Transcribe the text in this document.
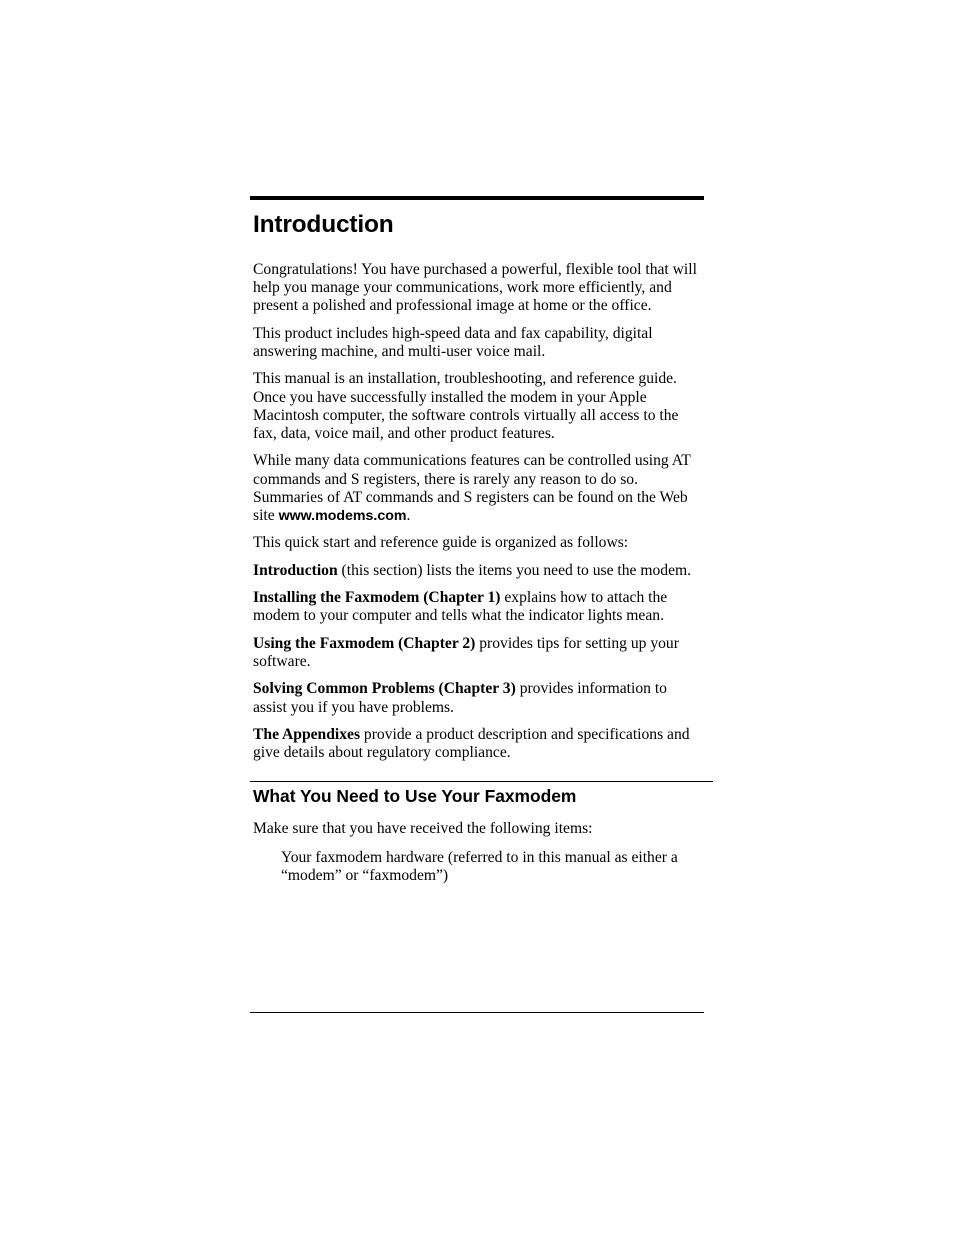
Introduction

Congratulations! You have purchased a powerful, flexible tool that will help you manage your communications, work more efficiently, and present a polished and professional image at home or the office.

This product includes high-speed data and fax capability, digital answering machine, and multi-user voice mail.

This manual is an installation, troubleshooting, and reference guide. Once you have successfully installed the modem in your Apple Macintosh computer, the software controls virtually all access to the fax, data, voice mail, and other product features.

While many data communications features can be controlled using AT commands and S registers, there is rarely any reason to do so. Summaries of AT commands and S registers can be found on the Web site www.modems.com.

This quick start and reference guide is organized as follows:

Introduction (this section) lists the items you need to use the modem.

Installing the Faxmodem (Chapter 1) explains how to attach the modem to your computer and tells what the indicator lights mean.

Using the Faxmodem (Chapter 2) provides tips for setting up your software.

Solving Common Problems (Chapter 3) provides information to assist you if you have problems.

The Appendixes provide a product description and specifications and give details about regulatory compliance.

What You Need to Use Your Faxmodem

Make sure that you have received the following items:

Your faxmodem hardware (referred to in this manual as either a “modem” or “faxmodem”)
